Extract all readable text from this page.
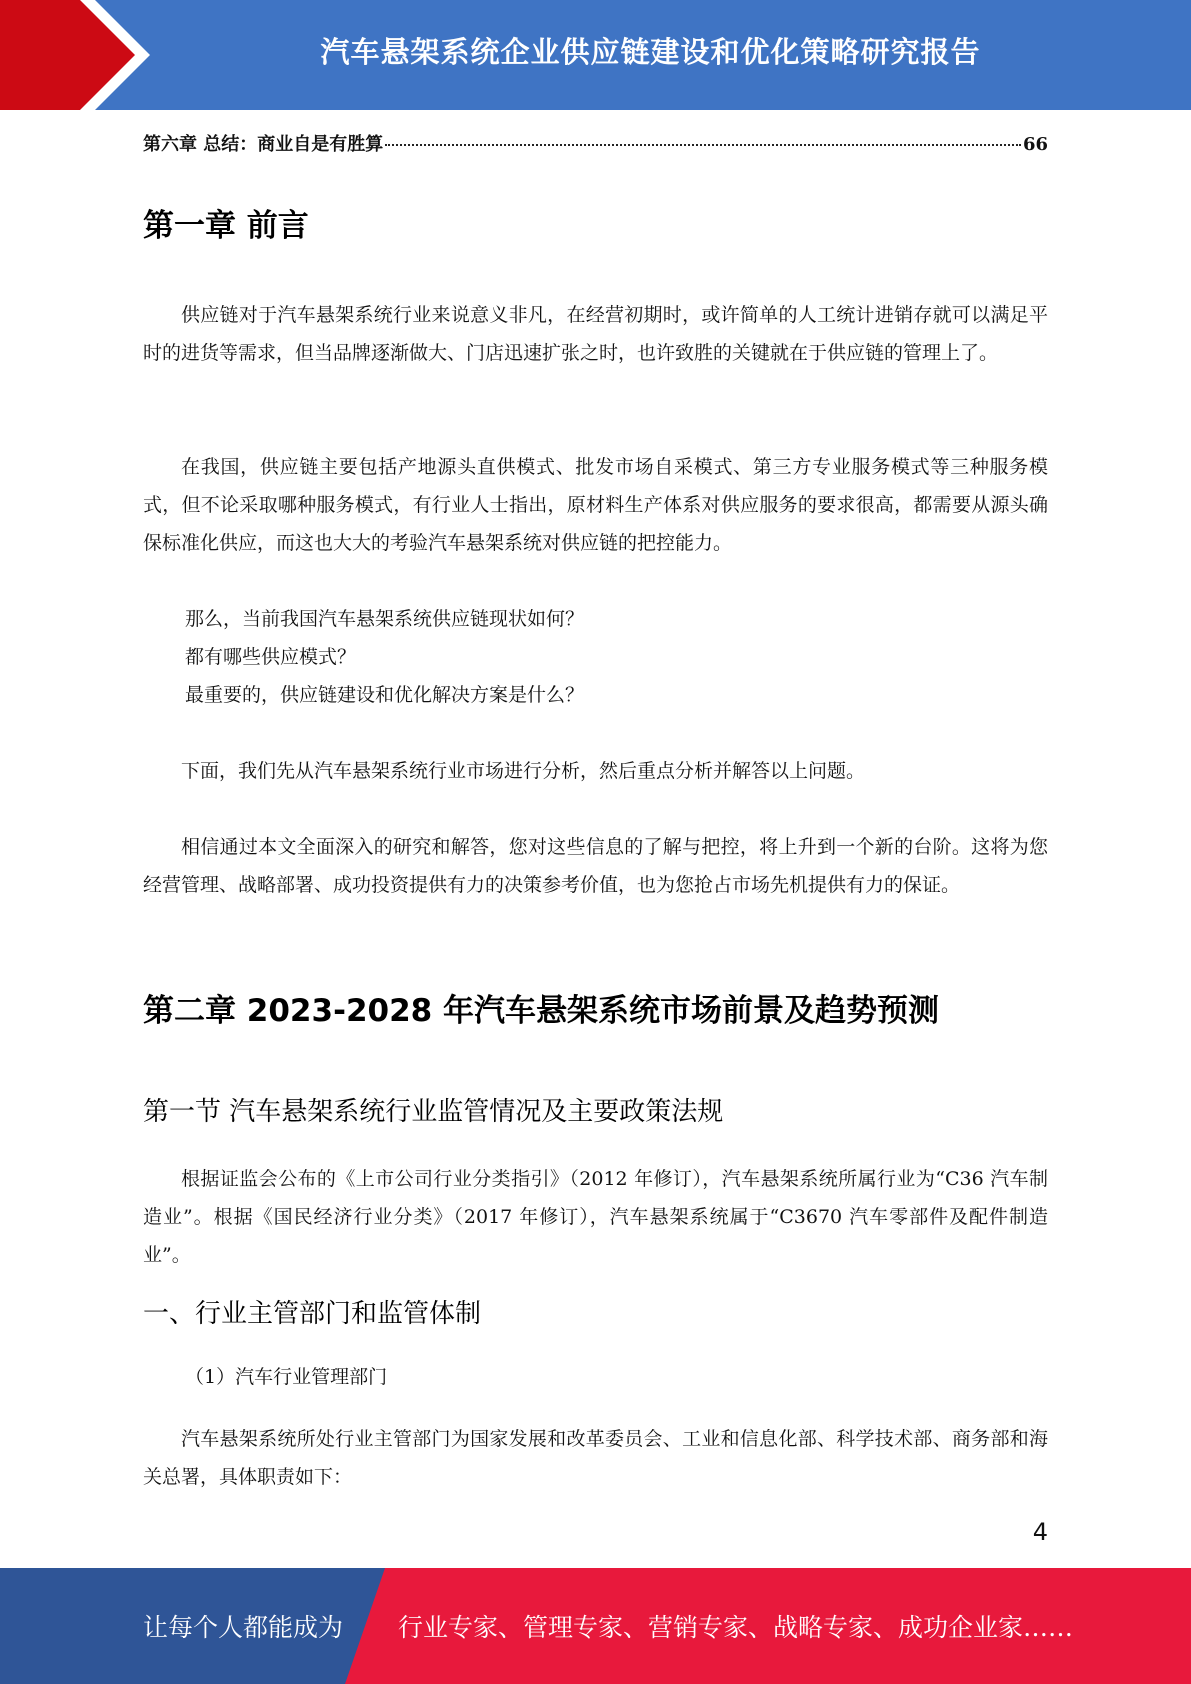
汽车悬架系统企业供应链建设和优化策略研究报告
第六章 总结：商业自是有胜算	66
第一章 前言

供应链对于汽车悬架系统行业来说意义非凡，在经营初期时，或许简单的人工统计进销存就可以满足平时的进货等需求，但当品牌逐渐做大、门店迅速扩张之时，也许致胜的关键就在于供应链的管理上了。

在我国，供应链主要包括产地源头直供模式、批发市场自采模式、第三方专业服务模式等三种服务模式，但不论采取哪种服务模式，有行业人士指出，原材料生产体系对供应服务的要求很高，都需要从源头确保标准化供应，而这也大大的考验汽车悬架系统对供应链的把控能力。

那么，当前我国汽车悬架系统供应链现状如何？
都有哪些供应模式？
最重要的，供应链建设和优化解决方案是什么？

下面，我们先从汽车悬架系统行业市场进行分析，然后重点分析并解答以上问题。

相信通过本文全面深入的研究和解答，您对这些信息的了解与把控，将上升到一个新的台阶。这将为您经营管理、战略部署、成功投资提供有力的决策参考价值，也为您抢占市场先机提供有力的保证。

第二章 2023-2028 年汽车悬架系统市场前景及趋势预测
第一节 汽车悬架系统行业监管情况及主要政策法规

根据证监会公布的《上市公司行业分类指引》（2012 年修订），汽车悬架系统所属行业为“C36 汽车制造业”。根据《国民经济行业分类》（2017 年修订），汽车悬架系统属于“C3670 汽车零部件及配件制造业”。

一、行业主管部门和监管体制
（1）汽车行业管理部门

汽车悬架系统所处行业主管部门为国家发展和改革委员会、工业和信息化部、科学技术部、商务部和海关总署，具体职责如下：

4
让每个人都能成为 行业专家、管理专家、营销专家、战略专家、成功企业家……
